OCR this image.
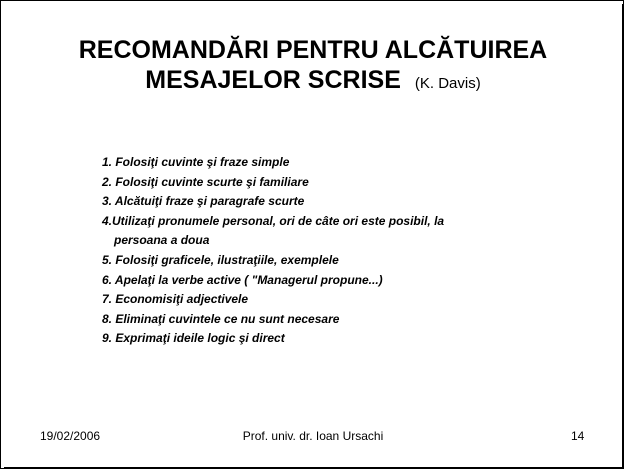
RECOMANDĂRI PENTRU ALCĂTUIREA
MESAJELOR SCRISE (K. Davis)
1. Folosiţi cuvinte şi fraze simple
2. Folosiţi cuvinte scurte şi familiare
3. Alcătuiţi fraze şi paragrafe scurte
4.Utilizaţi pronumele personal, ori de câte ori este posibil, la
persoana a doua
5. Folosiţi graficele, ilustraţiile, exemplele
6. Apelaţi la verbe active ( "Managerul propune...)
7. Economisiţi adjectivele
8. Eliminaţi cuvintele ce nu sunt necesare
9. Exprimaţi ideile logic şi direct
19/02/2006	Prof. univ. dr. Ioan Ursachi	14
